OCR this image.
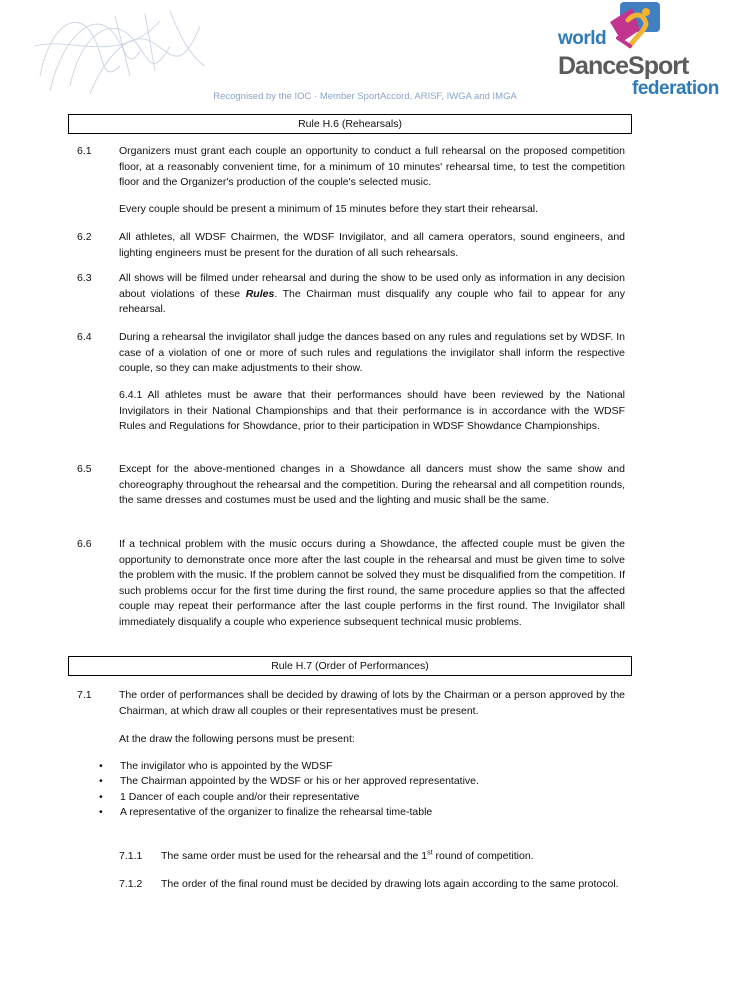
world
DanceSport
federation
Recognised by the IOC · Member SportAccord, ARISF, IWGA and IMGA
Rule H.6 (Rehearsals)
6.1	Organizers must grant each couple an opportunity to conduct a full rehearsal on the proposed competition floor, at a reasonably convenient time, for a minimum of 10 minutes' rehearsal time, to test the competition floor and the Organizer's production of the couple's selected music.

Every couple should be present a minimum of 15 minutes before they start their rehearsal.

6.2	All athletes, all WDSF Chairmen, the WDSF Invigilator, and all camera operators, sound engineers, and lighting engineers must be present for the duration of all such rehearsals.

6.3	All shows will be filmed under rehearsal and during the show to be used only as information in any decision about violations of these Rules. The Chairman must disqualify any couple who fail to appear for any rehearsal.

6.4	During a rehearsal the invigilator shall judge the dances based on any rules and regulations set by WDSF. In case of a violation of one or more of such rules and regulations the invigilator shall inform the respective couple, so they can make adjustments to their show.

6.4.1 All athletes must be aware that their performances should have been reviewed by the National Invigilators in their National Championships and that their performance is in accordance with the WDSF Rules and Regulations for Showdance, prior to their participation in WDSF Showdance Championships.

6.5	Except for the above-mentioned changes in a Showdance all dancers must show the same show and choreography throughout the rehearsal and the competition. During the rehearsal and all competition rounds, the same dresses and costumes must be used and the lighting and music shall be the same.

6.6	If a technical problem with the music occurs during a Showdance, the affected couple must be given the opportunity to demonstrate once more after the last couple in the rehearsal and must be given time to solve the problem with the music. If the problem cannot be solved they must be disqualified from the competition. If such problems occur for the first time during the first round, the same procedure applies so that the affected couple may repeat their performance after the last couple performs in the first round. The Invigilator shall immediately disqualify a couple who experience subsequent technical music problems.

Rule H.7 (Order of Performances)
7.1	The order of performances shall be decided by drawing of lots by the Chairman or a person approved by the Chairman, at which draw all couples or their representatives must be present.

At the draw the following persons must be present:

• The invigilator who is appointed by the WDSF
• The Chairman appointed by the WDSF or his or her approved representative.
• 1 Dancer of each couple and/or their representative
• A representative of the organizer to finalize the rehearsal time-table
7.1.1 The same order must be used for the rehearsal and the 1st round of competition.

7.1.2 The order of the final round must be decided by drawing lots again according to the same protocol.
